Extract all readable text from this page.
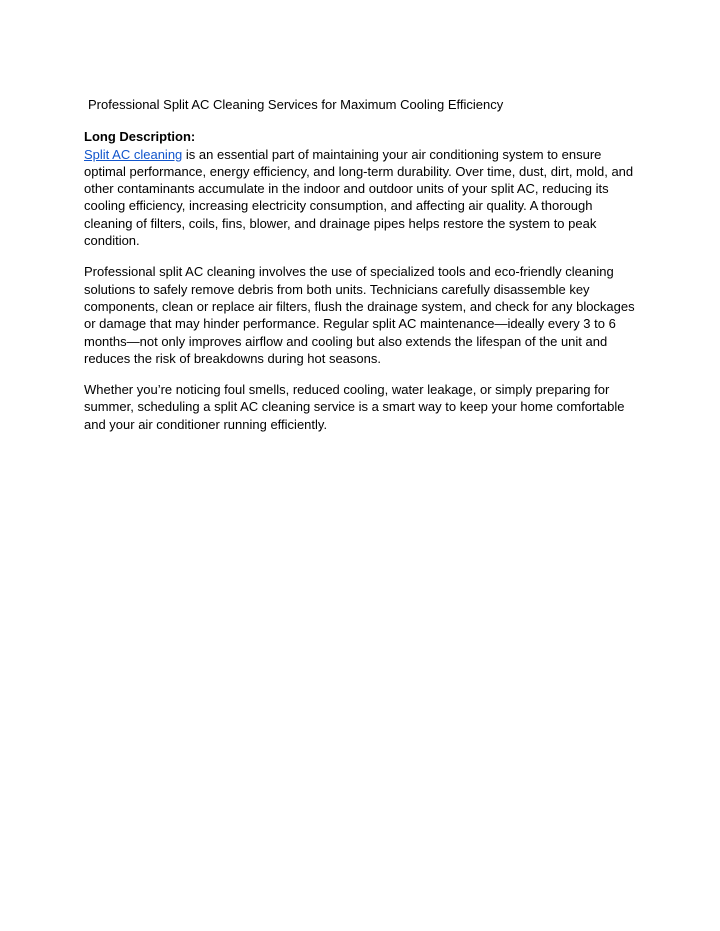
Professional Split AC Cleaning Services for Maximum Cooling Efficiency

Long Description:
Split AC cleaning is an essential part of maintaining your air conditioning system to ensure optimal performance, energy efficiency, and long-term durability. Over time, dust, dirt, mold, and other contaminants accumulate in the indoor and outdoor units of your split AC, reducing its cooling efficiency, increasing electricity consumption, and affecting air quality. A thorough cleaning of filters, coils, fins, blower, and drainage pipes helps restore the system to peak condition.

Professional split AC cleaning involves the use of specialized tools and eco-friendly cleaning solutions to safely remove debris from both units. Technicians carefully disassemble key components, clean or replace air filters, flush the drainage system, and check for any blockages or damage that may hinder performance. Regular split AC maintenance—ideally every 3 to 6 months—not only improves airflow and cooling but also extends the lifespan of the unit and reduces the risk of breakdowns during hot seasons.

Whether you’re noticing foul smells, reduced cooling, water leakage, or simply preparing for summer, scheduling a split AC cleaning service is a smart way to keep your home comfortable and your air conditioner running efficiently.
